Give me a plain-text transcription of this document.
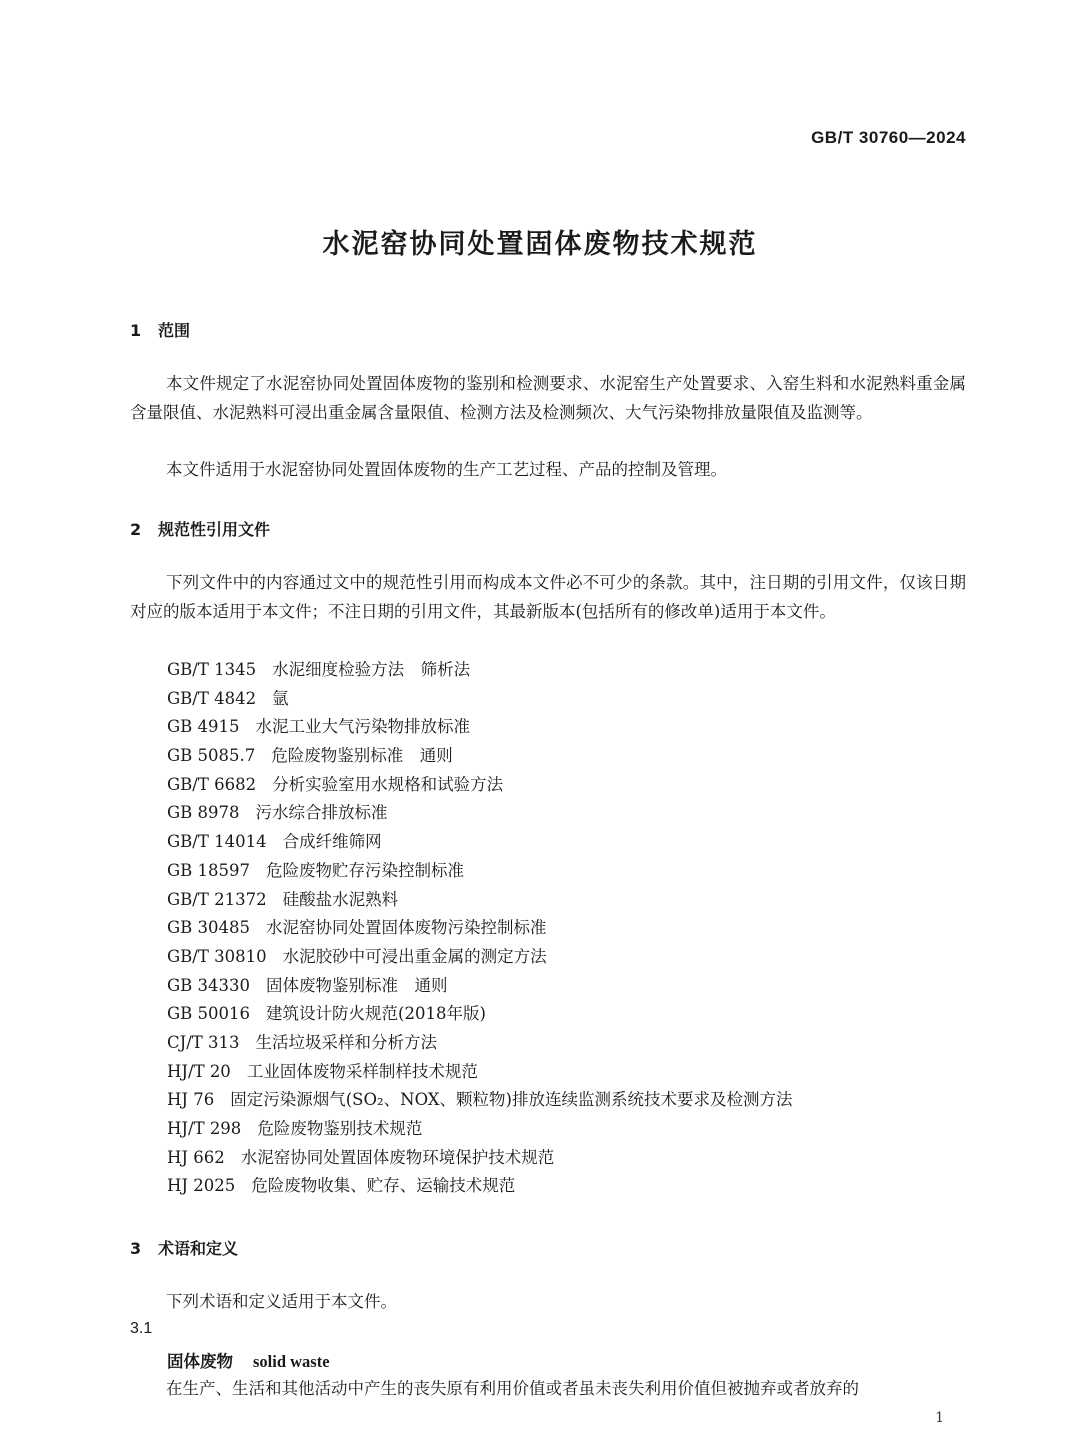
GB/T 30760—2024
水泥窑协同处置固体废物技术规范
1 范围

本文件规定了水泥窑协同处置固体废物的鉴别和检测要求、水泥窑生产处置要求、入窑生料和水泥熟料重金属含量限值、水泥熟料可浸出重金属含量限值、检测方法及检测频次、大气污染物排放量限值及监测等。

本文件适用于水泥窑协同处置固体废物的生产工艺过程、产品的控制及管理。

2 规范性引用文件

下列文件中的内容通过文中的规范性引用而构成本文件必不可少的条款。其中，注日期的引用文件，仅该日期对应的版本适用于本文件；不注日期的引用文件，其最新版本(包括所有的修改单)适用于本文件。

GB/T 1345 水泥细度检验方法　筛析法
GB/T 4842 氩
GB 4915 水泥工业大气污染物排放标准
GB 5085.7 危险废物鉴别标准　通则
GB/T 6682 分析实验室用水规格和试验方法
GB 8978 污水综合排放标准
GB/T 14014 合成纤维筛网
GB 18597 危险废物贮存污染控制标准
GB/T 21372 硅酸盐水泥熟料
GB 30485 水泥窑协同处置固体废物污染控制标准
GB/T 30810 水泥胶砂中可浸出重金属的测定方法
GB 34330 固体废物鉴别标准　通则
GB 50016 建筑设计防火规范(2018年版)
CJ/T 313 生活垃圾采样和分析方法
HJ/T 20 工业固体废物采样制样技术规范
HJ 76 固定污染源烟气(SO₂、NOX、颗粒物)排放连续监测系统技术要求及检测方法
HJ/T 298 危险废物鉴别技术规范
HJ 662 水泥窑协同处置固体废物环境保护技术规范
HJ 2025 危险废物收集、贮存、运输技术规范
3 术语和定义

下列术语和定义适用于本文件。

3.1
固体废物 solid waste

在生产、生活和其他活动中产生的丧失原有利用价值或者虽未丧失利用价值但被抛弃或者放弃的

1
